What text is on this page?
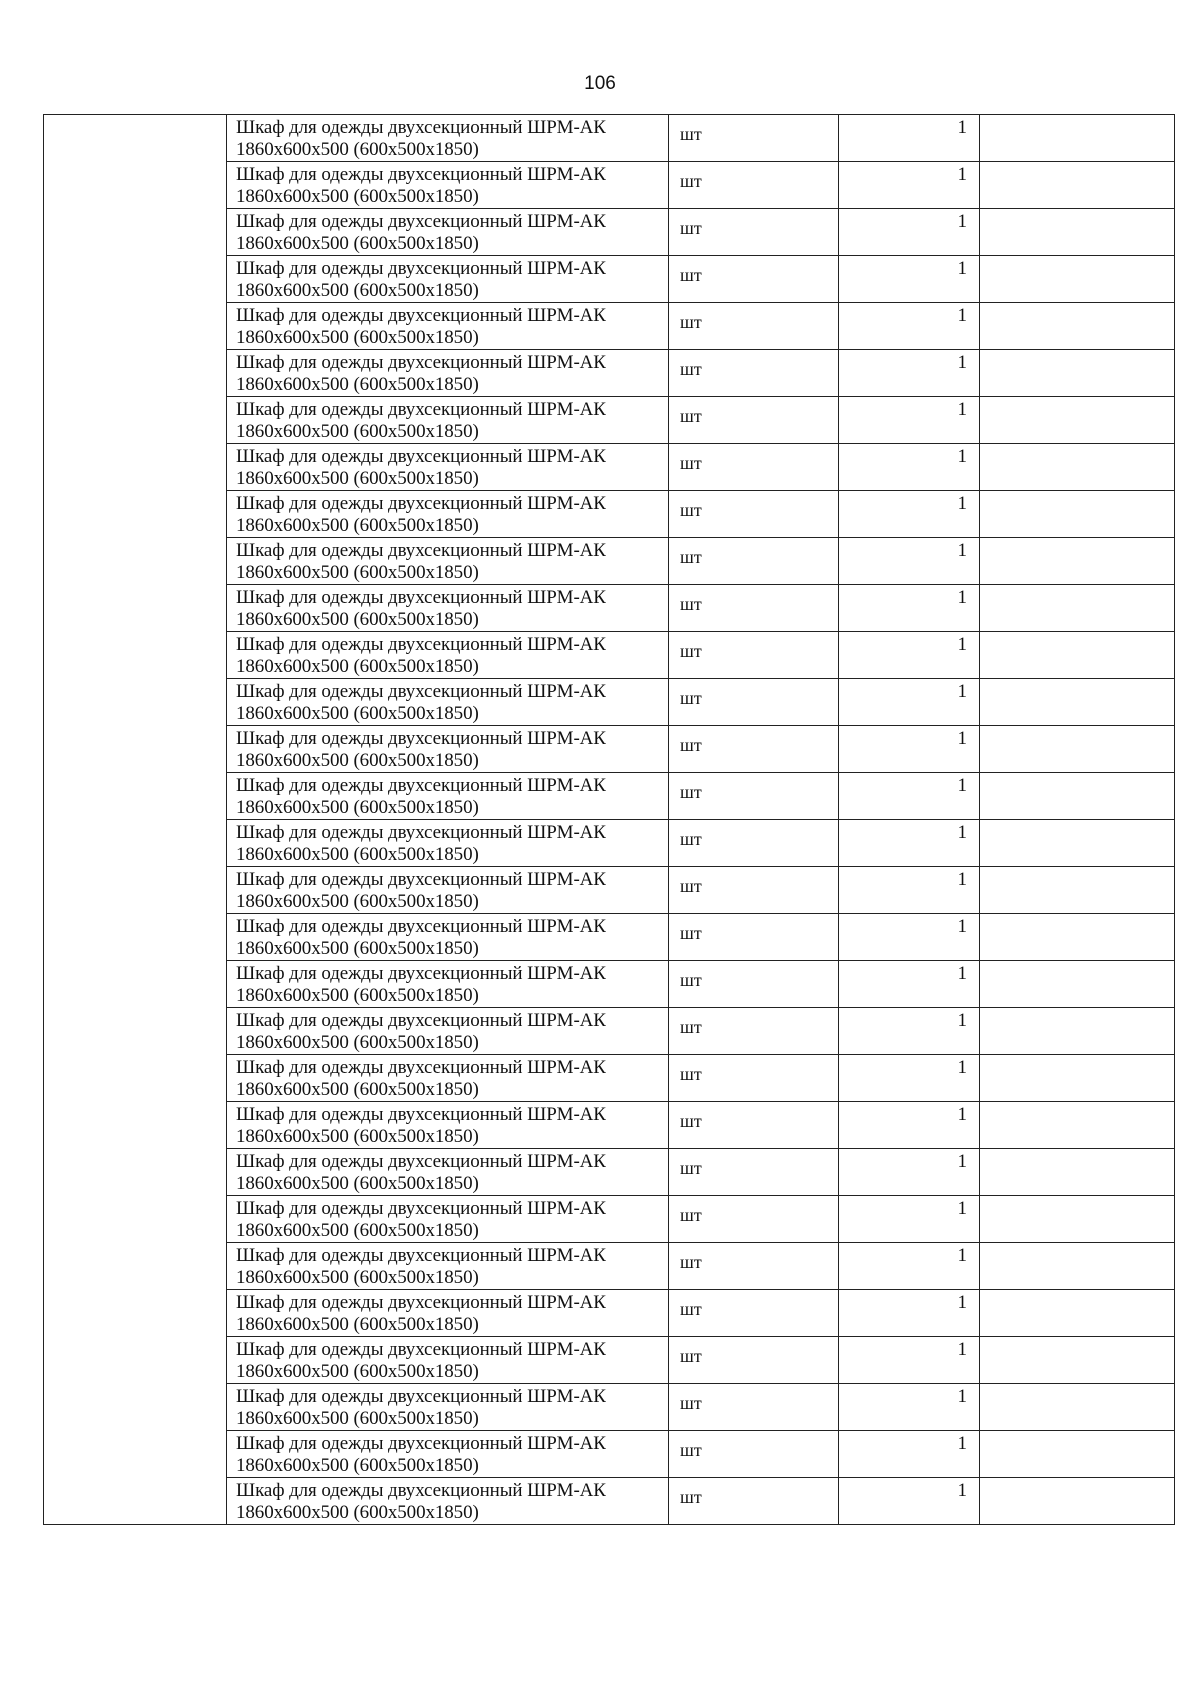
106

	Шкаф для одежды двухсекционный ШРМ-АК
1860x600x500 (600x500x1850)	шт	1	

	Шкаф для одежды двухсекционный ШРМ-АК
1860x600x500 (600x500x1850)	шт	1	

	Шкаф для одежды двухсекционный ШРМ-АК
1860x600x500 (600x500x1850)	шт	1	

	Шкаф для одежды двухсекционный ШРМ-АК
1860x600x500 (600x500x1850)	шт	1	

	Шкаф для одежды двухсекционный ШРМ-АК
1860x600x500 (600x500x1850)	шт	1	

	Шкаф для одежды двухсекционный ШРМ-АК
1860x600x500 (600x500x1850)	шт	1	

	Шкаф для одежды двухсекционный ШРМ-АК
1860x600x500 (600x500x1850)	шт	1	

	Шкаф для одежды двухсекционный ШРМ-АК
1860x600x500 (600x500x1850)	шт	1	

	Шкаф для одежды двухсекционный ШРМ-АК
1860x600x500 (600x500x1850)	шт	1	

	Шкаф для одежды двухсекционный ШРМ-АК
1860x600x500 (600x500x1850)	шт	1	

	Шкаф для одежды двухсекционный ШРМ-АК
1860x600x500 (600x500x1850)	шт	1	

	Шкаф для одежды двухсекционный ШРМ-АК
1860x600x500 (600x500x1850)	шт	1	

	Шкаф для одежды двухсекционный ШРМ-АК
1860x600x500 (600x500x1850)	шт	1	

	Шкаф для одежды двухсекционный ШРМ-АК
1860x600x500 (600x500x1850)	шт	1	

	Шкаф для одежды двухсекционный ШРМ-АК
1860x600x500 (600x500x1850)	шт	1	

	Шкаф для одежды двухсекционный ШРМ-АК
1860x600x500 (600x500x1850)	шт	1	

	Шкаф для одежды двухсекционный ШРМ-АК
1860x600x500 (600x500x1850)	шт	1	

	Шкаф для одежды двухсекционный ШРМ-АК
1860x600x500 (600x500x1850)	шт	1	

	Шкаф для одежды двухсекционный ШРМ-АК
1860x600x500 (600x500x1850)	шт	1	

	Шкаф для одежды двухсекционный ШРМ-АК
1860x600x500 (600x500x1850)	шт	1	

	Шкаф для одежды двухсекционный ШРМ-АК
1860x600x500 (600x500x1850)	шт	1	

	Шкаф для одежды двухсекционный ШРМ-АК
1860x600x500 (600x500x1850)	шт	1	

	Шкаф для одежды двухсекционный ШРМ-АК
1860x600x500 (600x500x1850)	шт	1	

	Шкаф для одежды двухсекционный ШРМ-АК
1860x600x500 (600x500x1850)	шт	1	

	Шкаф для одежды двухсекционный ШРМ-АК
1860x600x500 (600x500x1850)	шт	1	

	Шкаф для одежды двухсекционный ШРМ-АК
1860x600x500 (600x500x1850)	шт	1	

	Шкаф для одежды двухсекционный ШРМ-АК
1860x600x500 (600x500x1850)	шт	1	

	Шкаф для одежды двухсекционный ШРМ-АК
1860x600x500 (600x500x1850)	шт	1	

	Шкаф для одежды двухсекционный ШРМ-АК
1860x600x500 (600x500x1850)	шт	1	

	Шкаф для одежды двухсекционный ШРМ-АК
1860x600x500 (600x500x1850)	шт	1	
